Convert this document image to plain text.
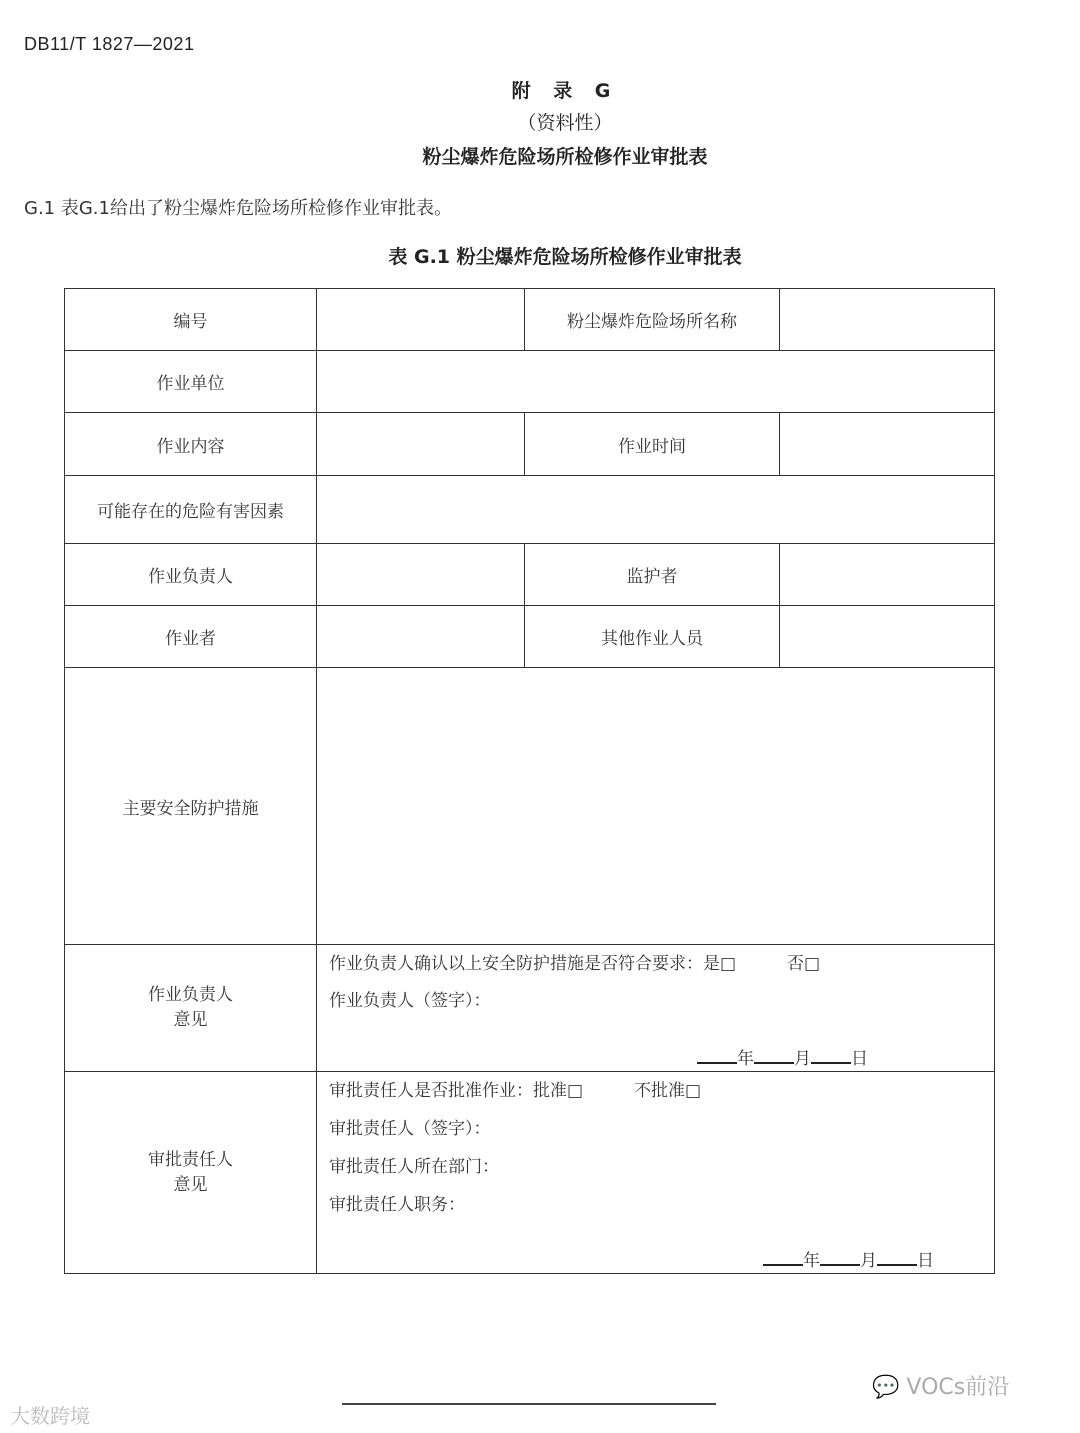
DB11/T 1827—2021
附 录 G
（资料性）
粉尘爆炸危险场所检修作业审批表
G.1 表G.1给出了粉尘爆炸危险场所检修作业审批表。
表 G.1 粉尘爆炸危险场所检修作业审批表
编号		粉尘爆炸危险场所名称	
作业单位			
作业内容		作业时间	
可能存在的危险有害因素			
作业负责人		监护者	
作业者		其他作业人员	
主要安全防护措施			
作业负责人
意见	作业负责人确认以上安全防护措施是否符合要求：是□　　　否□
作业负责人（签字）：
年 月 日		

审批责任人
意见	审批责任人是否批准作业：批准□　　　不批准□
审批责任人（签字）：
审批责任人所在部门：
审批责任人职务：
年 月 日		
大数跨境
💬 VOCs前沿
